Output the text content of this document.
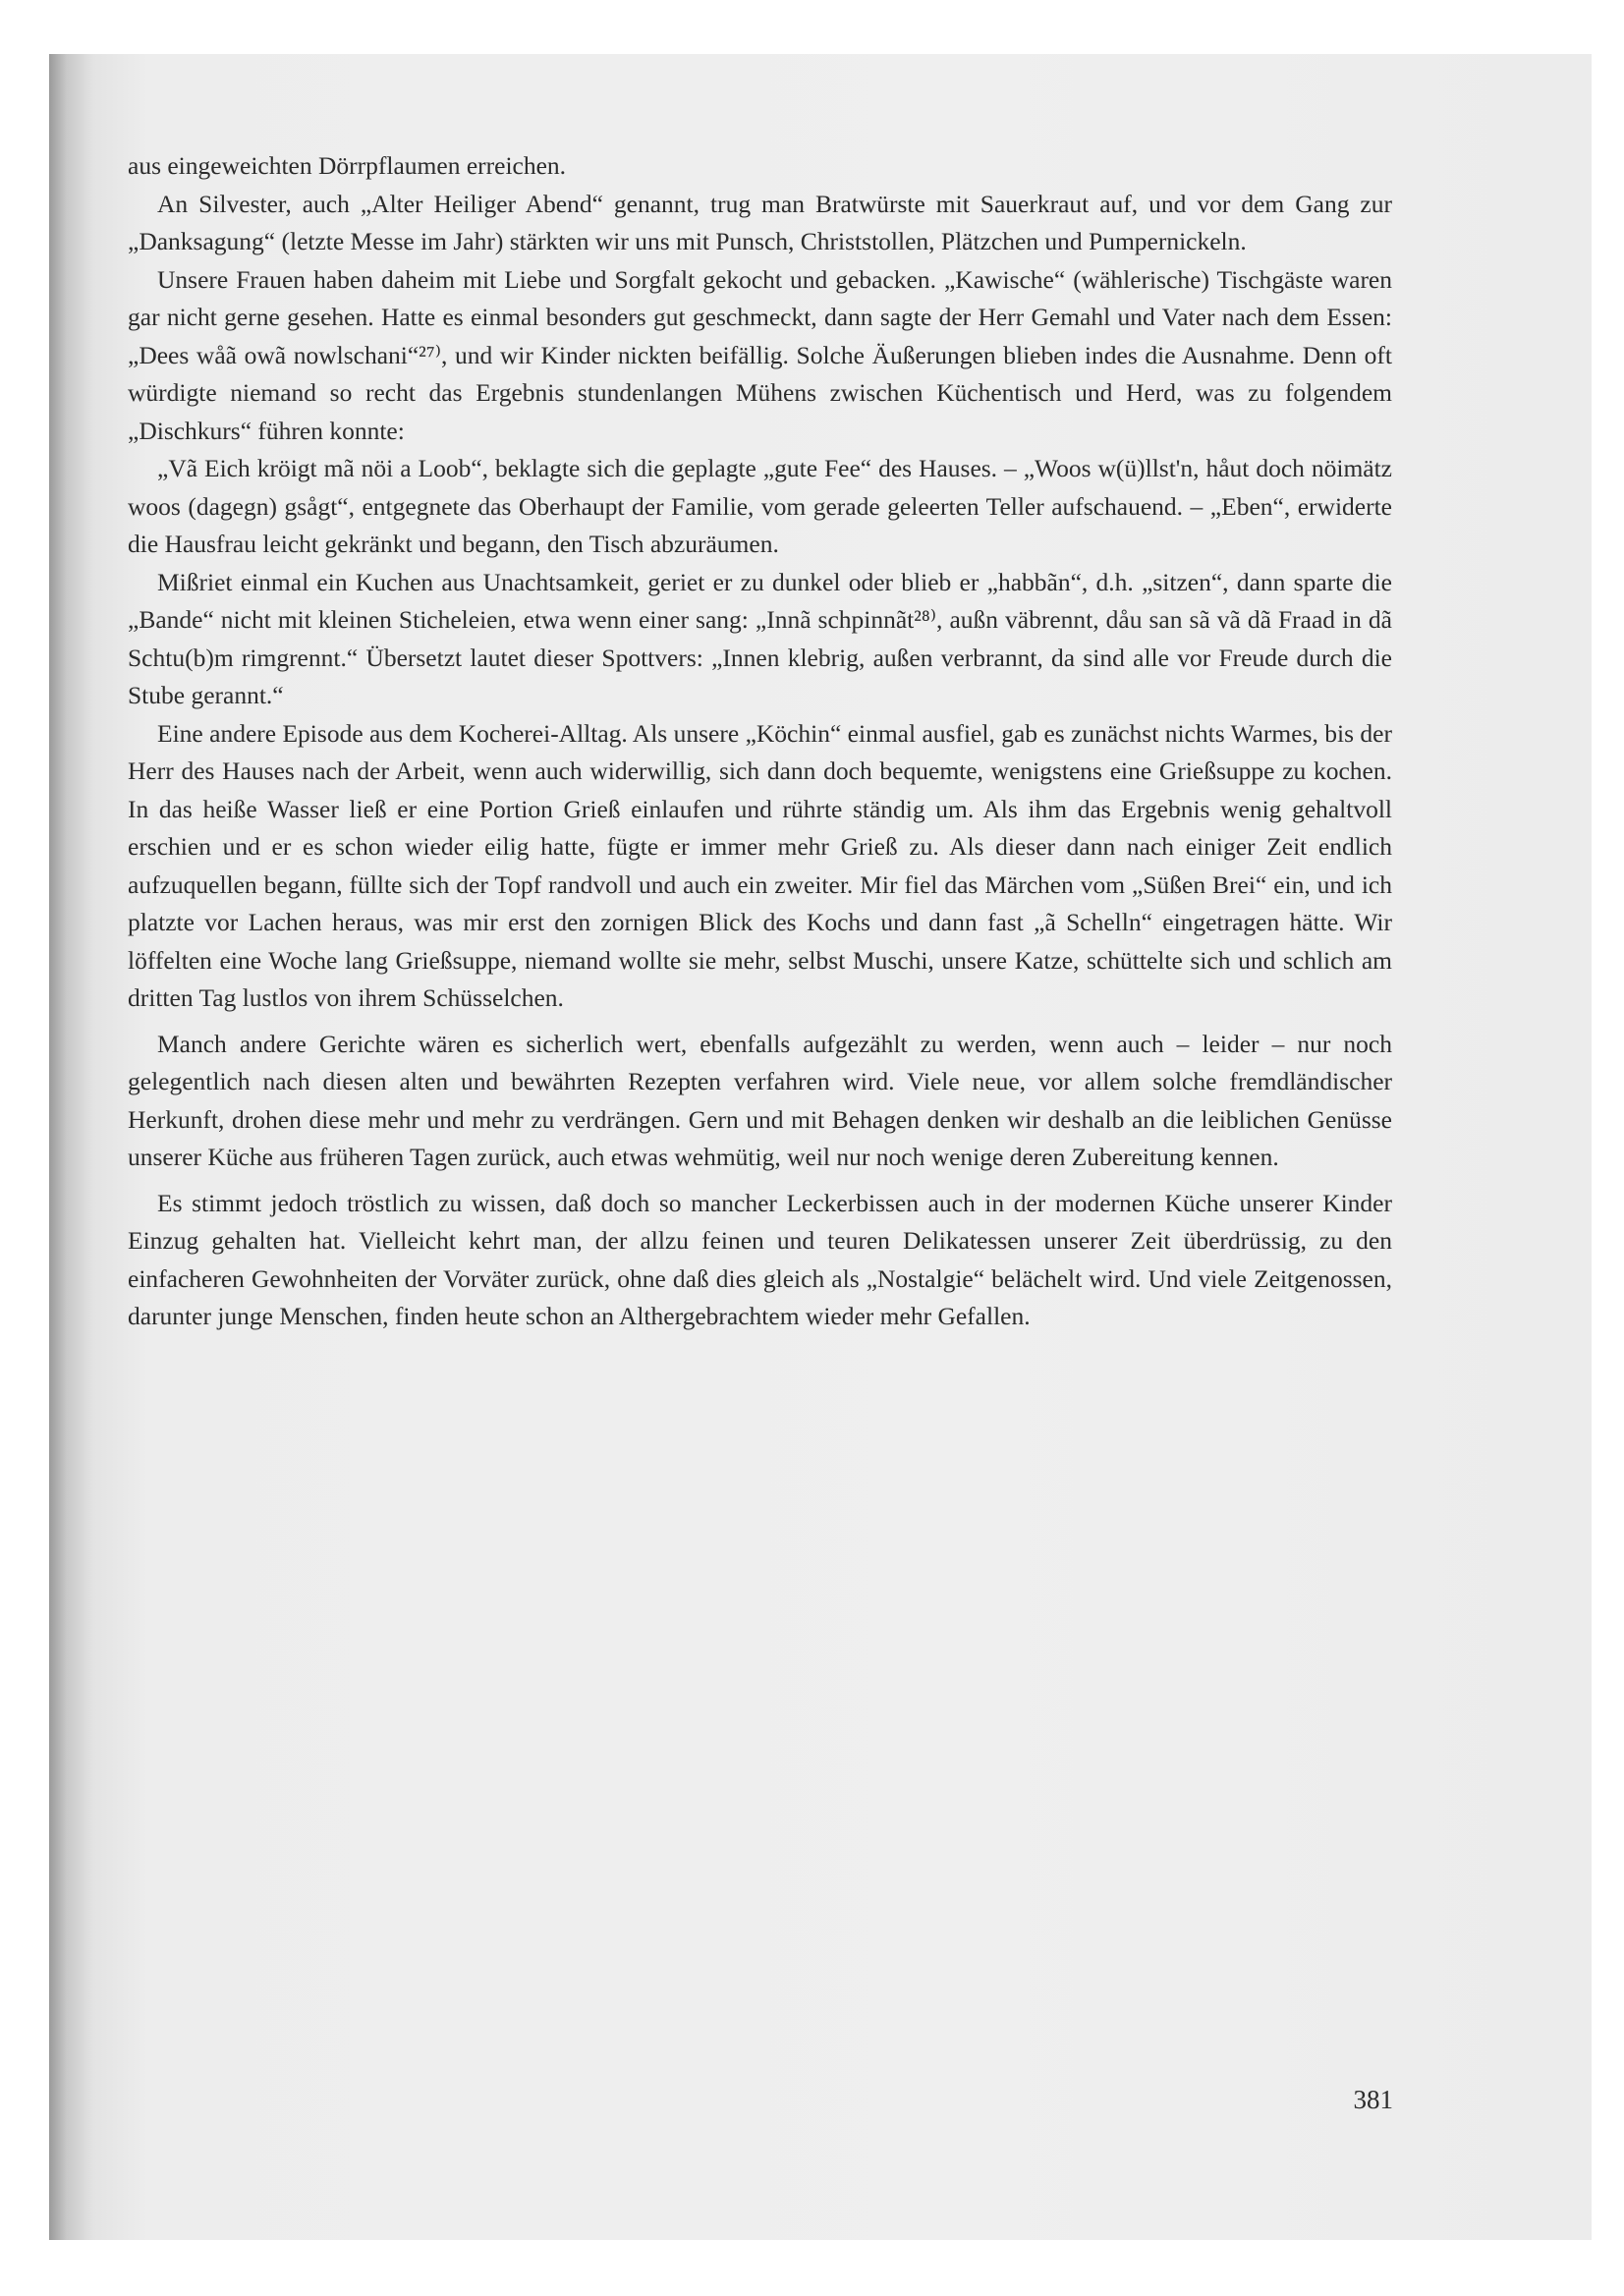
aus eingeweichten Dörrpflaumen erreichen.

An Silvester, auch „Alter Heiliger Abend“ genannt, trug man Bratwürste mit Sauerkraut auf, und vor dem Gang zur „Danksagung“ (letzte Messe im Jahr) stärkten wir uns mit Punsch, Christstollen, Plätzchen und Pumpernickeln.

Unsere Frauen haben daheim mit Liebe und Sorgfalt gekocht und gebacken. „Kawische“ (wählerische) Tischgäste waren gar nicht gerne gesehen. Hatte es einmal besonders gut geschmeckt, dann sagte der Herr Gemahl und Vater nach dem Essen: „Dees wåã owã nowlschani“²⁷⁾, und wir Kinder nickten beifällig. Solche Äußerungen blieben indes die Ausnahme. Denn oft würdigte niemand so recht das Ergebnis stundenlangen Mühens zwischen Küchentisch und Herd, was zu folgendem „Dischkurs“ führen konnte:

„Vã Eich kröigt mã nöi a Loob“, beklagte sich die geplagte „gute Fee“ des Hauses. – „Woos w(ü)llst'n, håut doch nöimätz woos (dagegn) gsågt“, entgegnete das Oberhaupt der Familie, vom gerade geleerten Teller aufschauend. – „Eben“, erwiderte die Hausfrau leicht gekränkt und begann, den Tisch abzuräumen.

Mißriet einmal ein Kuchen aus Unachtsamkeit, geriet er zu dunkel oder blieb er „habbãn“, d.h. „sitzen“, dann sparte die „Bande“ nicht mit kleinen Sticheleien, etwa wenn einer sang: „Innã schpinnãt²⁸⁾, außn väbrennt, dåu san sã vã dã Fraad in dã Schtu(b)m rimgrennt.“ Übersetzt lautet dieser Spottvers: „Innen klebrig, außen verbrannt, da sind alle vor Freude durch die Stube gerannt.“

Eine andere Episode aus dem Kocherei-Alltag. Als unsere „Köchin“ einmal ausfiel, gab es zunächst nichts Warmes, bis der Herr des Hauses nach der Arbeit, wenn auch widerwillig, sich dann doch bequemte, wenigstens eine Grießsuppe zu kochen. In das heiße Wasser ließ er eine Portion Grieß einlaufen und rührte ständig um. Als ihm das Ergebnis wenig gehaltvoll erschien und er es schon wieder eilig hatte, fügte er immer mehr Grieß zu. Als dieser dann nach einiger Zeit endlich aufzuquellen begann, füllte sich der Topf randvoll und auch ein zweiter. Mir fiel das Märchen vom „Süßen Brei“ ein, und ich platzte vor Lachen heraus, was mir erst den zornigen Blick des Kochs und dann fast „ã Schelln“ eingetragen hätte. Wir löffelten eine Woche lang Grießsuppe, niemand wollte sie mehr, selbst Muschi, unsere Katze, schüttelte sich und schlich am dritten Tag lustlos von ihrem Schüsselchen.

Manch andere Gerichte wären es sicherlich wert, ebenfalls aufgezählt zu werden, wenn auch – leider – nur noch gelegentlich nach diesen alten und bewährten Rezepten verfahren wird. Viele neue, vor allem solche fremdländischer Herkunft, drohen diese mehr und mehr zu verdrängen. Gern und mit Behagen denken wir deshalb an die leiblichen Genüsse unserer Küche aus früheren Tagen zurück, auch etwas wehmütig, weil nur noch wenige deren Zubereitung kennen.

Es stimmt jedoch tröstlich zu wissen, daß doch so mancher Leckerbissen auch in der modernen Küche unserer Kinder Einzug gehalten hat. Vielleicht kehrt man, der allzu feinen und teuren Delikatessen unserer Zeit überdrüssig, zu den einfacheren Gewohnheiten der Vorväter zurück, ohne daß dies gleich als „Nostalgie“ belächelt wird. Und viele Zeitgenossen, darunter junge Menschen, finden heute schon an Althergebrachtem wieder mehr Gefallen.

381
